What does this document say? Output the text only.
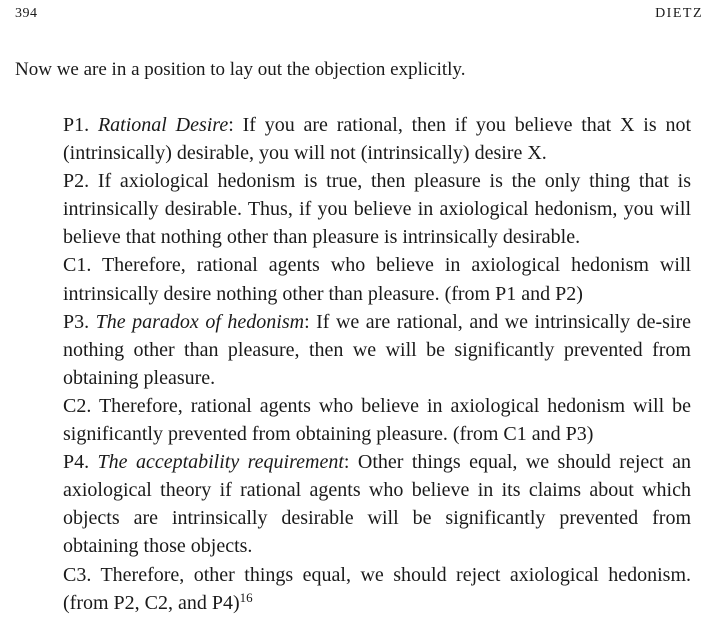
394	DIETZ

Now we are in a position to lay out the objection explicitly.

P1. Rational Desire: If you are rational, then if you believe that X is not (intrinsically) desirable, you will not (intrinsically) desire X.
P2. If axiological hedonism is true, then pleasure is the only thing that is intrinsically desirable. Thus, if you believe in axiological hedonism, you will believe that nothing other than pleasure is intrinsically desirable.
C1. Therefore, rational agents who believe in axiological hedonism will intrinsically desire nothing other than pleasure. (from P1 and P2)
P3. The paradox of hedonism: If we are rational, and we intrinsically de-sire nothing other than pleasure, then we will be significantly prevented from obtaining pleasure.
C2. Therefore, rational agents who believe in axiological hedonism will be significantly prevented from obtaining pleasure. (from C1 and P3)
P4. The acceptability requirement: Other things equal, we should reject an axiological theory if rational agents who believe in its claims about which objects are intrinsically desirable will be significantly prevented from obtaining those objects.
C3. Therefore, other things equal, we should reject axiological hedonism. (from P2, C2, and P4)$^{16}$
